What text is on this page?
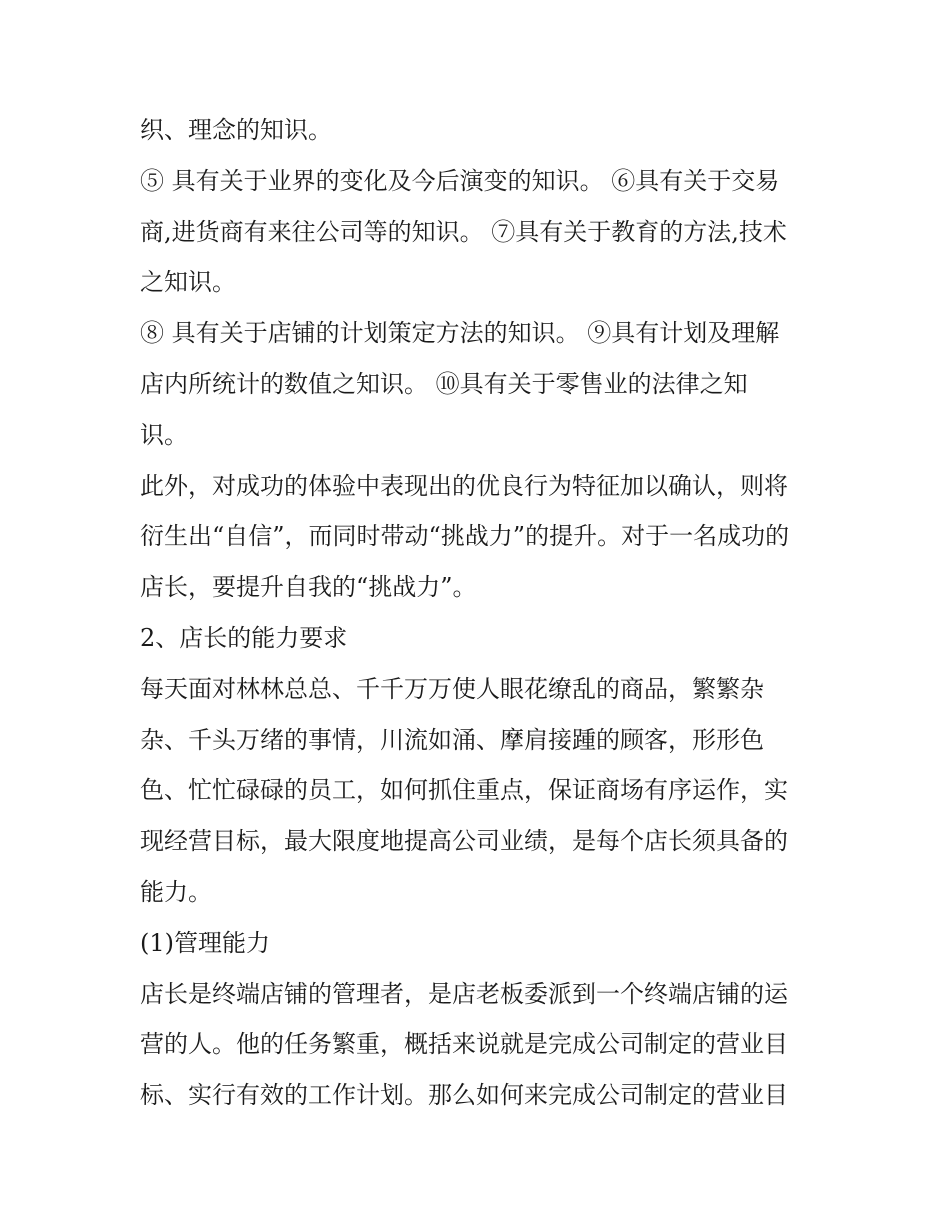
织、理念的知识。
⑤ 具有关于业界的变化及今后演变的知识。 ⑥具有关于交易
商,进货商有来往公司等的知识。 ⑦具有关于教育的方法,技术
之知识。
⑧ 具有关于店铺的计划策定方法的知识。 ⑨具有计划及理解
店内所统计的数值之知识。 ⑩具有关于零售业的法律之知
识。
此外，对成功的体验中表现出的优良行为特征加以确认，则将
衍生出“自信”，而同时带动“挑战力”的提升。对于一名成功的
店长，要提升自我的“挑战力”。
2、店长的能力要求
每天面对林林总总、千千万万使人眼花缭乱的商品，繁繁杂
杂、千头万绪的事情，川流如涌、摩肩接踵的顾客，形形色
色、忙忙碌碌的员工，如何抓住重点，保证商场有序运作，实
现经营目标，最大限度地提高公司业绩，是每个店长须具备的
能力。
(1)管理能力
店长是终端店铺的管理者，是店老板委派到一个终端店铺的运
营的人。他的任务繁重，概括来说就是完成公司制定的营业目
标、实行有效的工作计划。那么如何来完成公司制定的营业目
